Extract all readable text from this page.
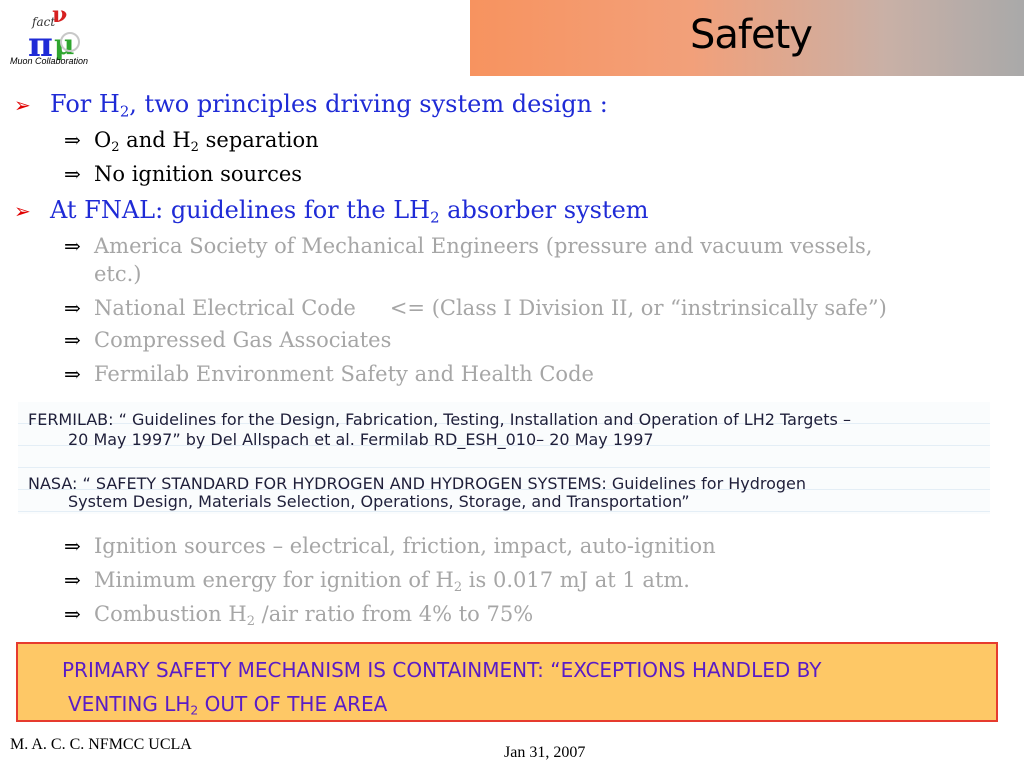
fact
ν
π μ
Muon Collaboration
Safety
➢ For $H_2$, two principles driving system design :
⇒ $O_2$ and $H_2$ separation
⇒ No ignition sources
➢ At FNAL: guidelines for the $LH_2$ absorber system
⇒ America Society of Mechanical Engineers (pressure and vacuum vessels,
etc.)
⇒ National Electrical Code <= (Class I Division II, or “instrinsically safe”)
⇒ Compressed Gas Associates
⇒ Fermilab Environment Safety and Health Code
FERMILAB: “ Guidelines for the Design, Fabrication, Testing, Installation and Operation of LH2 Targets –
20 May 1997” by Del Allspach et al. Fermilab RD_ESH_010– 20 May 1997
NASA: “ SAFETY STANDARD FOR HYDROGEN AND HYDROGEN SYSTEMS: Guidelines for Hydrogen
System Design, Materials Selection, Operations, Storage, and Transportation”
⇒ Ignition sources – electrical, friction, impact, auto-ignition
⇒ Minimum energy for ignition of $H_2$ is 0.017 mJ at 1 atm.
⇒ Combustion $H_2$ /air ratio from 4% to 75%
PRIMARY SAFETY MECHANISM IS CONTAINMENT: “EXCEPTIONS HANDLED BY
VENTING $LH_2$ OUT OF THE AREA
M. A. C. C. NFMCC UCLA	Jan 31, 2007
